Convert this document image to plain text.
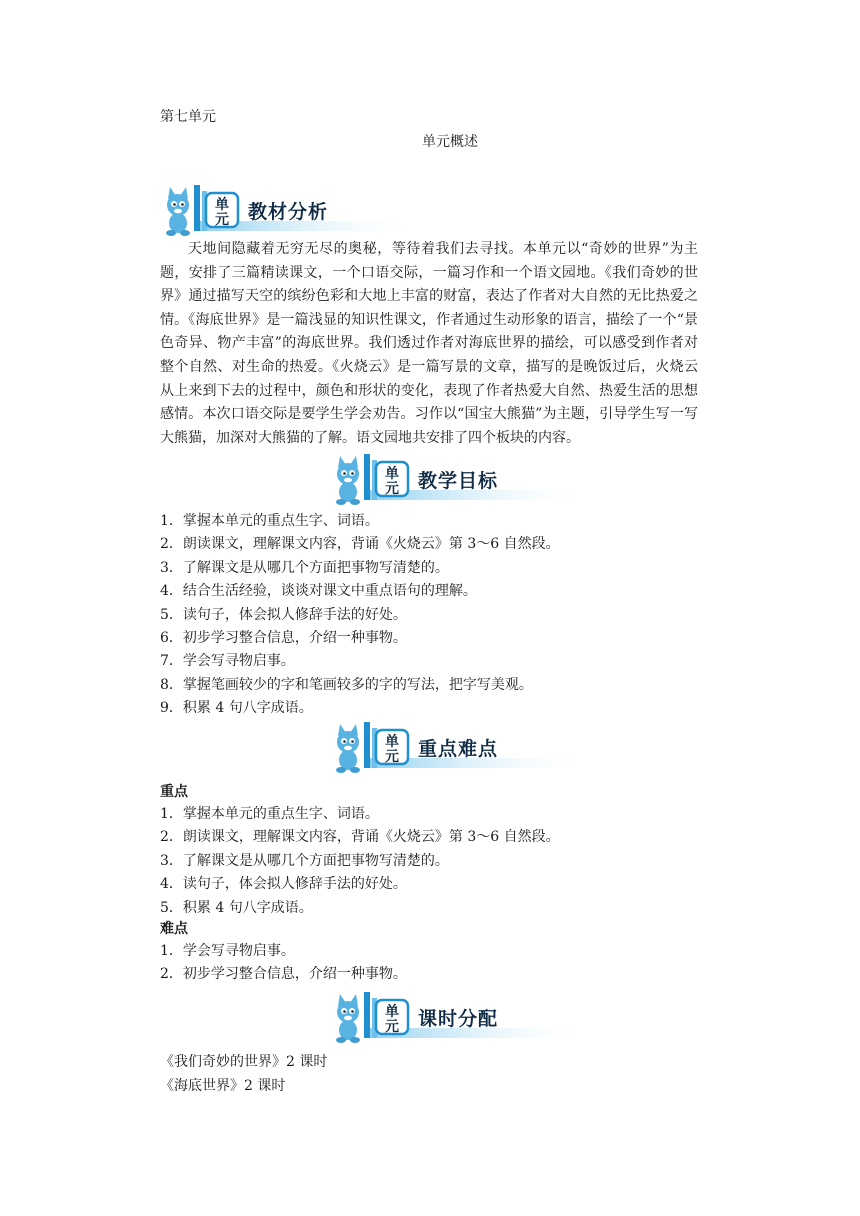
第七单元
单元概述
单
元 教材分析

天地间隐藏着无穷无尽的奥秘，等待着我们去寻找。本单元以“奇妙的世界”为主题，安排了三篇精读课文，一个口语交际，一篇习作和一个语文园地。《我们奇妙的世界》通过描写天空的缤纷色彩和大地上丰富的财富，表达了作者对大自然的无比热爱之情。《海底世界》是一篇浅显的知识性课文，作者通过生动形象的语言，描绘了一个“景色奇异、物产丰富”的海底世界。我们透过作者对海底世界的描绘，可以感受到作者对整个自然、对生命的热爱。《火烧云》是一篇写景的文章，描写的是晚饭过后，火烧云从上来到下去的过程中，颜色和形状的变化，表现了作者热爱大自然、热爱生活的思想感情。本次口语交际是要学生学会劝告。习作以“国宝大熊猫”为主题，引导学生写一写大熊猫，加深对大熊猫的了解。语文园地共安排了四个板块的内容。

单
元 教学目标
1．掌握本单元的重点生字、词语。
2．朗读课文，理解课文内容，背诵《火烧云》第 3～6 自然段。
3．了解课文是从哪几个方面把事物写清楚的。
4．结合生活经验，谈谈对课文中重点语句的理解。
5．读句子，体会拟人修辞手法的好处。
6．初步学习整合信息，介绍一种事物。
7．学会写寻物启事。
8．掌握笔画较少的字和笔画较多的字的写法，把字写美观。
9．积累 4 句八字成语。
单
元 重点难点
重点
1．掌握本单元的重点生字、词语。
2．朗读课文，理解课文内容，背诵《火烧云》第 3～6 自然段。
3．了解课文是从哪几个方面把事物写清楚的。
4．读句子，体会拟人修辞手法的好处。
5．积累 4 句八字成语。
难点
1．学会写寻物启事。
2．初步学习整合信息，介绍一种事物。
单
元 课时分配
《我们奇妙的世界》2 课时
《海底世界》2 课时
